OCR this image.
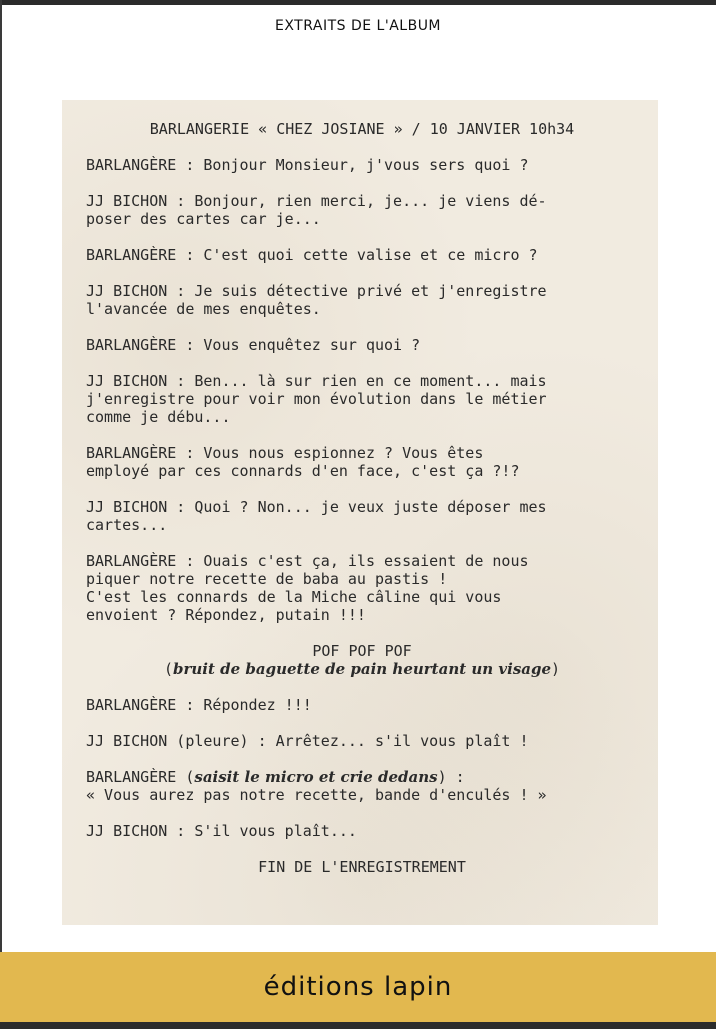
EXTRAITS DE L'ALBUM
BARLANGERIE « CHEZ JOSIANE » / 10 JANVIER 10h34
BARLANGÈRE : Bonjour Monsieur, j'vous sers quoi ?
JJ BICHON : Bonjour, rien merci, je... je viens dé-
poser des cartes car je...
BARLANGÈRE : C'est quoi cette valise et ce micro ?
JJ BICHON : Je suis détective privé et j'enregistre
l'avancée de mes enquêtes.
BARLANGÈRE : Vous enquêtez sur quoi ?
JJ BICHON : Ben... là sur rien en ce moment... mais
j'enregistre pour voir mon évolution dans le métier
comme je débu...
BARLANGÈRE : Vous nous espionnez ? Vous êtes
employé par ces connards d'en face, c'est ça ?!?
JJ BICHON : Quoi ? Non... je veux juste déposer mes
cartes...
BARLANGÈRE : Ouais c'est ça, ils essaient de nous
piquer notre recette de baba au pastis !
C'est les connards de la Miche câline qui vous
envoient ? Répondez, putain !!!
POF POF POF
(bruit de baguette de pain heurtant un visage)
BARLANGÈRE : Répondez !!!
JJ BICHON (pleure) : Arrêtez... s'il vous plaît !
BARLANGÈRE (saisit le micro et crie dedans) :
« Vous aurez pas notre recette, bande d'enculés ! »
JJ BICHON : S'il vous plaît...
FIN DE L'ENREGISTREMENT
éditions lapin
